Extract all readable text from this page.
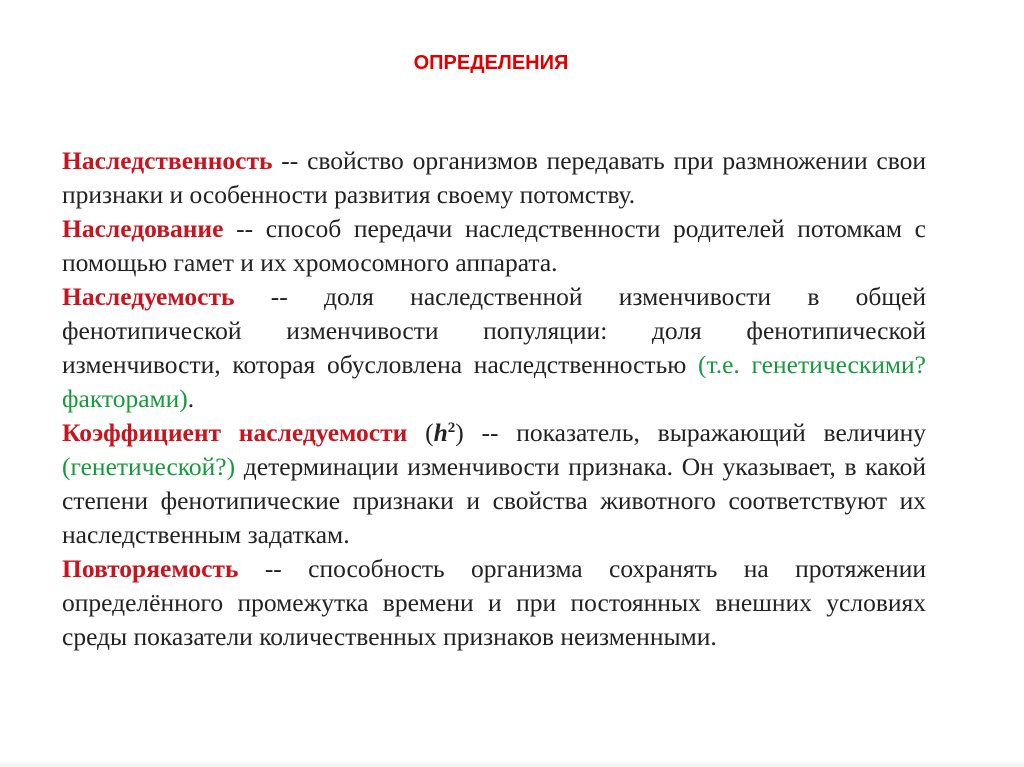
ОПРЕДЕЛЕНИЯ

Наследственность -- свойство организмов передавать при размножении свои признаки и особенности развития своему потомству.

Наследование -- способ передачи наследственности родителей потомкам с помощью гамет и их хромосомного аппарата.

Наследуемость -- доля наследственной изменчивости в общей фенотипической изменчивости популяции: доля фенотипической изменчивости, которая обусловлена наследственностью (т.е. генетическими? факторами).

Коэффициент наследуемости $(h^2)$ -- показатель, выражающий величину (генетической?) детерминации изменчивости признака. Он указывает, в какой степени фенотипические признаки и свойства животного соответствуют их наследственным задаткам.

Повторяемость -- способность организма сохранять на протяжении определённого промежутка времени и при постоянных внешних условиях среды показатели количественных признаков неизменными.
